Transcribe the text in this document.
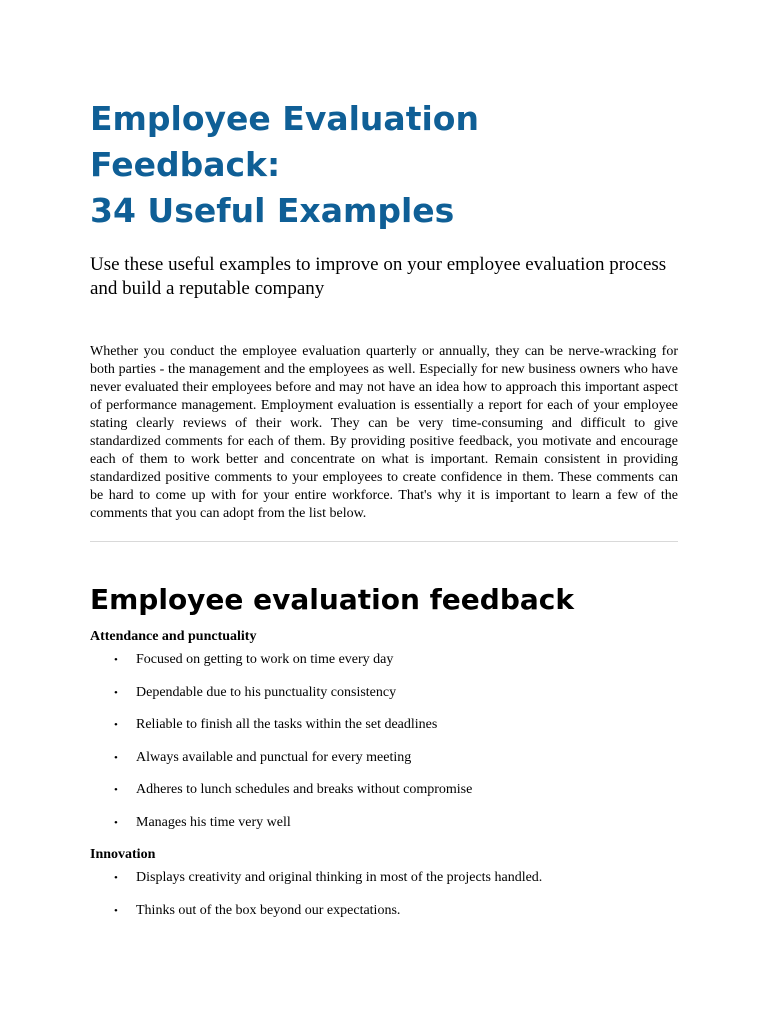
Employee Evaluation Feedback:
34 Useful Examples

Use these useful examples to improve on your employee evaluation process and build a reputable company

Whether you conduct the employee evaluation quarterly or annually, they can be nerve-wracking for both parties - the management and the employees as well. Especially for new business owners who have never evaluated their employees before and may not have an idea how to approach this important aspect of performance management. Employment evaluation is essentially a report for each of your employee stating clearly reviews of their work. They can be very time-consuming and difficult to give standardized comments for each of them. By providing positive feedback, you motivate and encourage each of them to work better and concentrate on what is important. Remain consistent in providing standardized positive comments to your employees to create confidence in them. These comments can be hard to come up with for your entire workforce. That's why it is important to learn a few of the comments that you can adopt from the list below.

Employee evaluation feedback
Attendance and punctuality
• Focused on getting to work on time every day
• Dependable due to his punctuality consistency
• Reliable to finish all the tasks within the set deadlines
• Always available and punctual for every meeting
• Adheres to lunch schedules and breaks without compromise
• Manages his time very well
Innovation
• Displays creativity and original thinking in most of the projects handled.
• Thinks out of the box beyond our expectations.
